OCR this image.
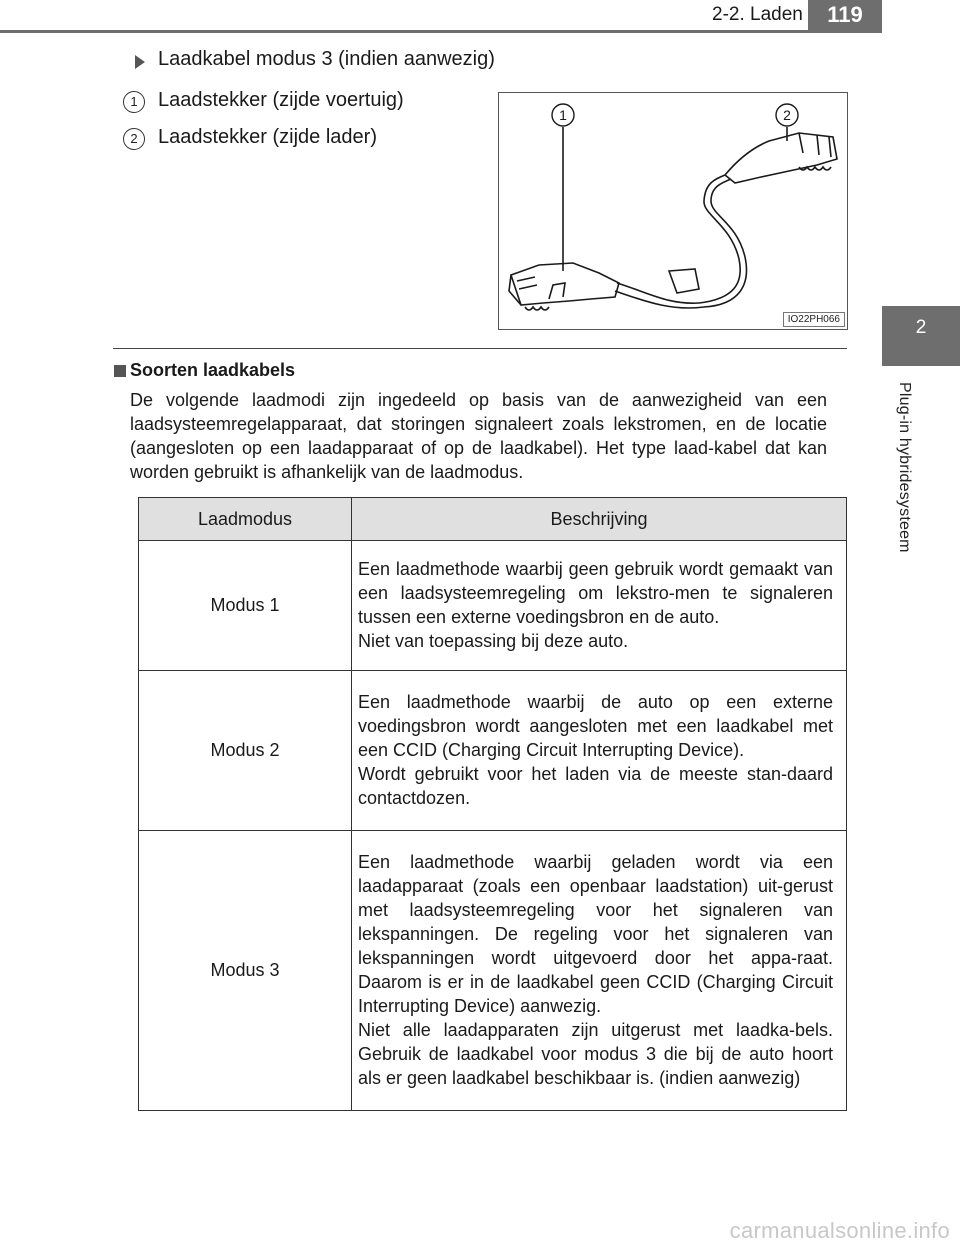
2-2. Laden	119
2
Plug-in hybridesysteem
Laadkabel modus 3 (indien aanwezig)
1	Laadstekker (zijde voertuig)
2	Laadstekker (zijde lader)
1	2
IO22PH066
Soorten laadkabels
De volgende laadmodi zijn ingedeeld op basis van de aanwezigheid van een laadsysteemregelapparaat, dat storingen signaleert zoals lekstromen, en de locatie (aangesloten op een laadapparaat of op de laadkabel). Het type laad-kabel dat kan worden gebruikt is afhankelijk van de laadmodus.
Laadmodus	Beschrijving
Modus 1	Een laadmethode waarbij geen gebruik wordt gemaakt van een laadsysteemregeling om lekstro-men te signaleren tussen een externe voedingsbron en de auto.
Niet van toepassing bij deze auto.

Modus 2	Een laadmethode waarbij de auto op een externe voedingsbron wordt aangesloten met een laadkabel met een CCID (Charging Circuit Interrupting Device).
Wordt gebruikt voor het laden via de meeste stan-daard contactdozen.

Modus 3	Een laadmethode waarbij geladen wordt via een laadapparaat (zoals een openbaar laadstation) uit-gerust met laadsysteemregeling voor het signaleren van lekspanningen. De regeling voor het signaleren van lekspanningen wordt uitgevoerd door het appa-raat. Daarom is er in de laadkabel geen CCID (Charging Circuit Interrupting Device) aanwezig.
Niet alle laadapparaten zijn uitgerust met laadka-bels. Gebruik de laadkabel voor modus 3 die bij de auto hoort als er geen laadkabel beschikbaar is. (indien aanwezig)
carmanualsonline.info
